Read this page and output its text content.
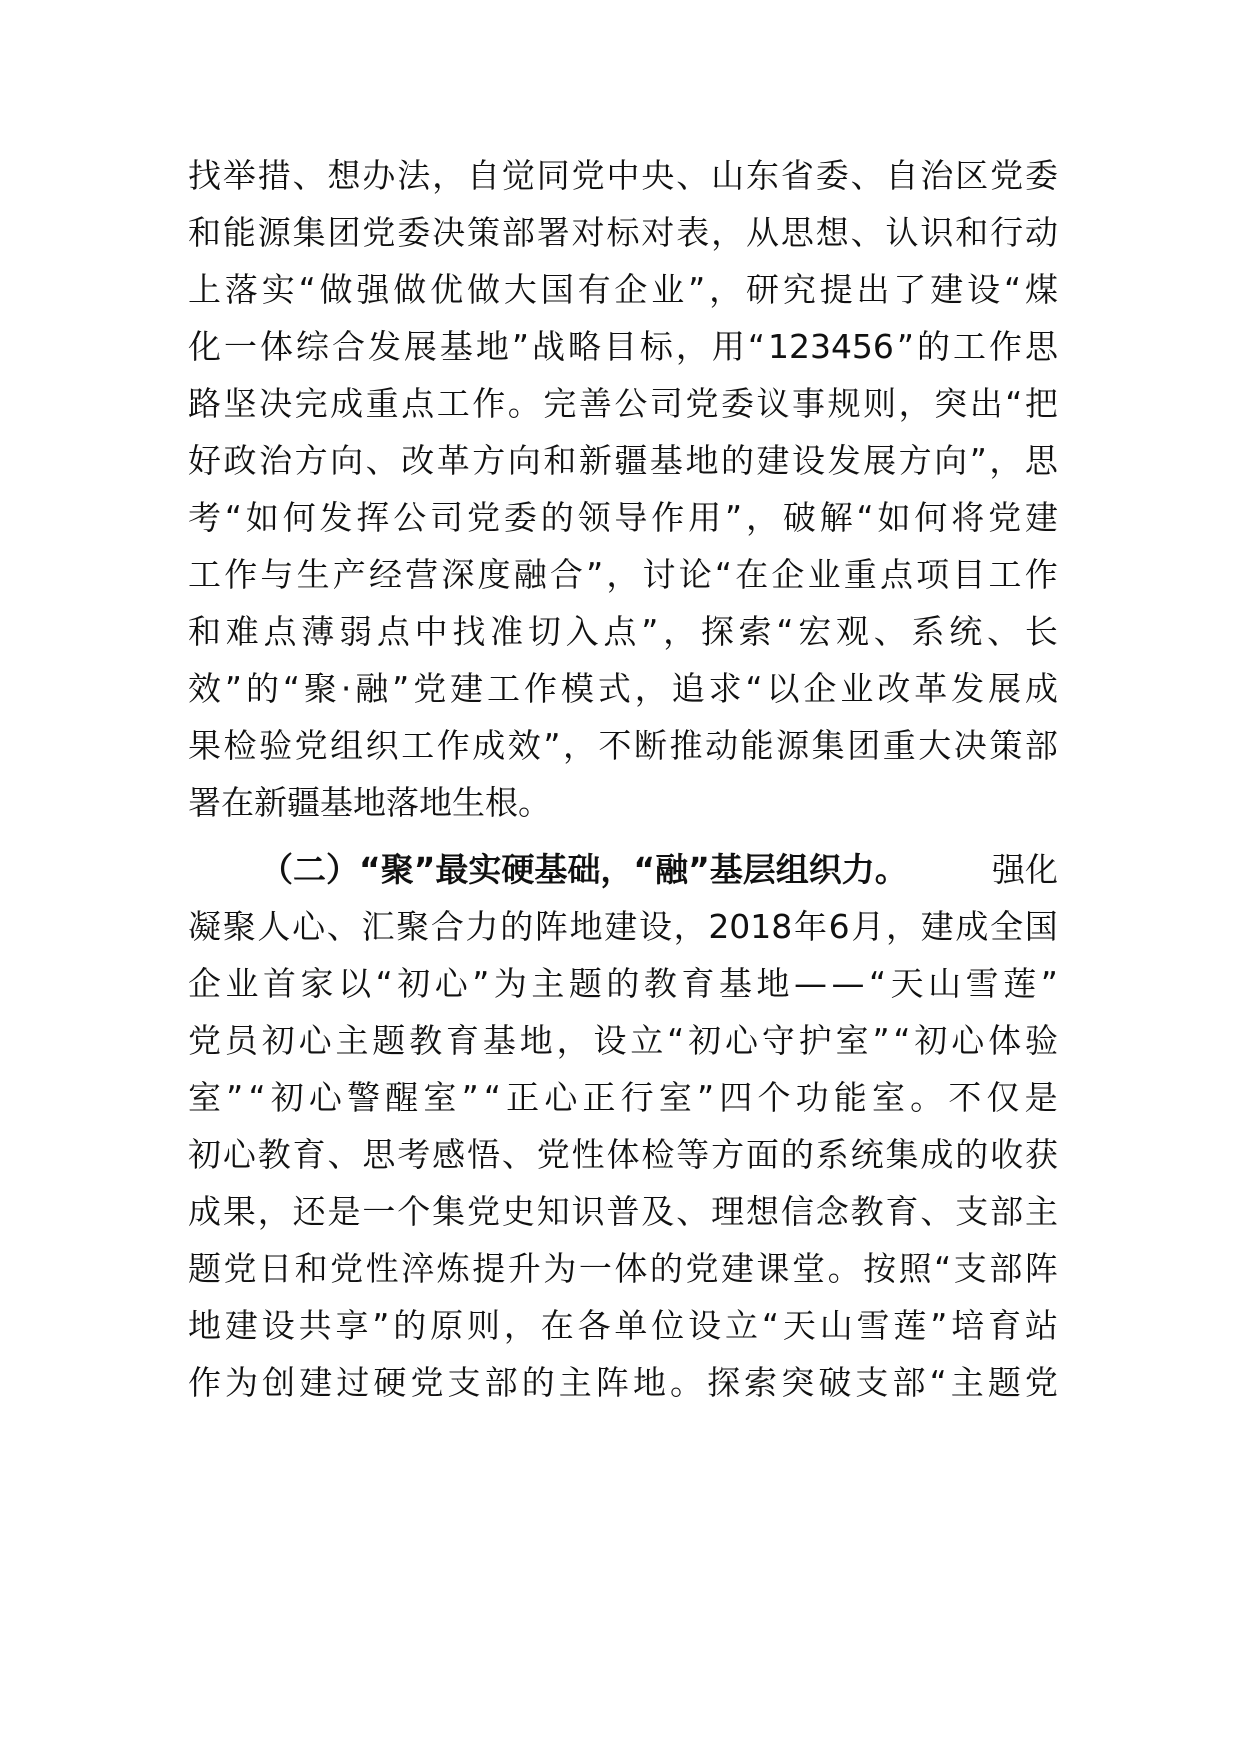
找 举 措 、 想 办 法 ， 自 觉 同 党 中 央 、 山 东 省 委 、 自 治 区 党 委
和 能 源 集 团 党 委 决 策 部 署 对 标 对 表 ， 从 思 想 、 认 识 和 行 动
上 落 实 “ 做 强 做 优 做 大 国 有 企 业 ” ， 研 究 提 出 了 建 设 “ 煤
化 一 体 综 合 发 展 基 地 ” 战 略 目 标 ， 用 “ 123456 ” 的 工 作 思
路 坚 决 完 成 重 点 工 作 。 完 善 公 司 党 委 议 事 规 则 ， 突 出 “ 把
好 政 治 方 向 、 改 革 方 向 和 新 疆 基 地 的 建 设 发 展 方 向 ” ， 思
考 “ 如 何 发 挥 公 司 党 委 的 领 导 作 用 ” ， 破 解 “ 如 何 将 党 建
工 作 与 生 产 经 营 深 度 融 合 ” ， 讨 论 “ 在 企 业 重 点 项 目 工 作
和 难 点 薄 弱 点 中 找 准 切 入 点 ” ， 探 索 “ 宏 观 、 系 统 、 长
效 ” 的 “ 聚 · 融 ” 党 建 工 作 模 式 ， 追 求 “ 以 企 业 改 革 发 展 成
果 检 验 党 组 织 工 作 成 效 ” ， 不 断 推 动 能 源 集 团 重 大 决 策 部
署在新疆基地落地生根。
（二）“聚”最实硬基础，“融”基层组织力。	强化
凝 聚 人 心 、 汇 聚 合 力 的 阵 地 建 设 ， 2018 年 6 月 ， 建 成 全 国
企 业 首 家 以 “ 初 心 ” 为 主 题 的 教 育 基 地 — — “ 天 山 雪 莲 ”
党 员 初 心 主 题 教 育 基 地 ， 设 立 “ 初 心 守 护 室 ” “ 初 心 体 验
室 ” “ 初 心 警 醒 室 ” “ 正 心 正 行 室 ” 四 个 功 能 室 。 不 仅 是
初 心 教 育 、 思 考 感 悟 、 党 性 体 检 等 方 面 的 系 统 集 成 的 收 获
成 果 ， 还 是 一 个 集 党 史 知 识 普 及 、 理 想 信 念 教 育 、 支 部 主
题 党 日 和 党 性 淬 炼 提 升 为 一 体 的 党 建 课 堂 。 按 照 “ 支 部 阵
地 建 设 共 享 ” 的 原 则 ， 在 各 单 位 设 立 “ 天 山 雪 莲 ” 培 育 站
作 为 创 建 过 硬 党 支 部 的 主 阵 地 。 探 索 突 破 支 部 “ 主 题 党
